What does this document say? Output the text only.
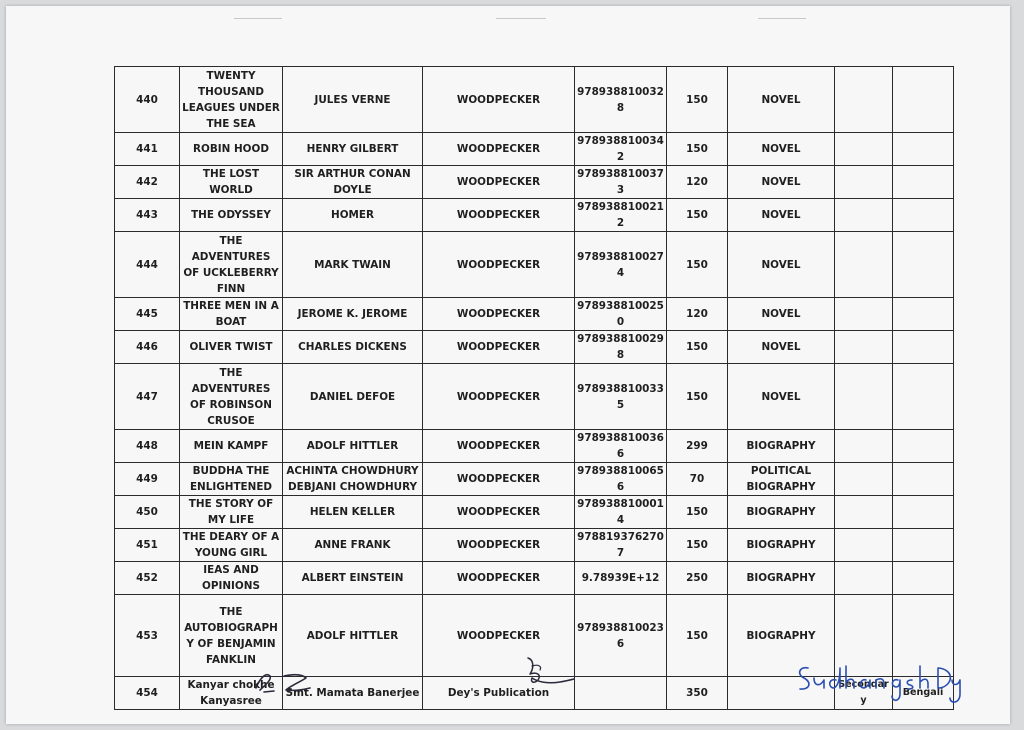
440	TWENTY THOUSAND LEAGUES UNDER THE SEA	JULES VERNE	WOODPECKER	9789388100328	150	NOVEL		
441	ROBIN HOOD	HENRY GILBERT	WOODPECKER	9789388100342	150	NOVEL		
442	THE LOST WORLD	SIR ARTHUR CONAN DOYLE	WOODPECKER	9789388100373	120	NOVEL		
443	THE ODYSSEY	HOMER	WOODPECKER	9789388100212	150	NOVEL		
444	THE ADVENTURES OF UCKLEBERRY FINN	MARK TWAIN	WOODPECKER	9789388100274	150	NOVEL		
445	THREE MEN IN A BOAT	JEROME K. JEROME	WOODPECKER	9789388100250	120	NOVEL		
446	OLIVER TWIST	CHARLES DICKENS	WOODPECKER	9789388100298	150	NOVEL		
447	THE ADVENTURES OF ROBINSON CRUSOE	DANIEL DEFOE	WOODPECKER	9789388100335	150	NOVEL		
448	MEIN KAMPF	ADOLF HITTLER	WOODPECKER	9789388100366	299	BIOGRAPHY		
449	BUDDHA THE ENLIGHTENED	ACHINTA CHOWDHURY DEBJANI CHOWDHURY	WOODPECKER	9789388100656	70	POLITICAL BIOGRAPHY		
450	THE STORY OF MY LIFE	HELEN KELLER	WOODPECKER	9789388100014	150	BIOGRAPHY		
451	THE DEARY OF A YOUNG GIRL	ANNE FRANK	WOODPECKER	9788193762707	150	BIOGRAPHY		
452	IEAS AND OPINIONS	ALBERT EINSTEIN	WOODPECKER	9.78939E+12	250	BIOGRAPHY		
453	THE AUTOBIOGRAPHY OF BENJAMIN FANKLIN	ADOLF HITTLER	WOODPECKER	9789388100236	150	BIOGRAPHY		
454	Kanyar chokhe Kanyasree	Smt. Mamata Banerjee	Dey's Publication		350		Secondary	Bengali
